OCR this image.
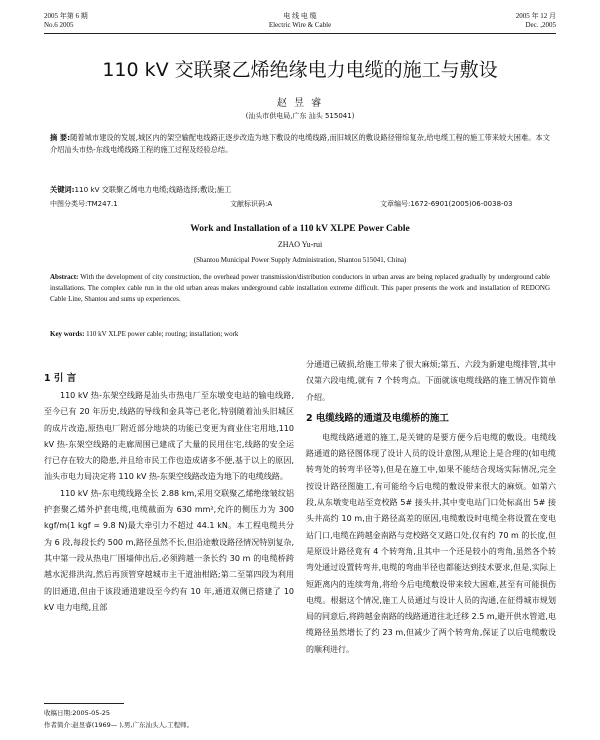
2005 年第 6 期
No.6 2005
电 线 电 缆
Electric Wire & Cable
2005 年 12 月
Dec. ,2005
110 kV 交联聚乙烯绝缘电力电缆的施工与敷设
赵 昱 睿
(汕头市供电局,广东 汕头 515041)
摘 要:随着城市建设的发展,城区内的架空输配电线路正逐步改造为地下敷设的电缆线路,而旧城区的敷设路径错综复杂,给电缆工程的施工带来较大困难。本文介绍汕头市热-东线电缆线路工程的施工过程及经验总结。
关键词:110 kV 交联聚乙烯电力电缆;线路选择;敷设;施工
中图分类号:TM247.1	文献标识码:A	文章编号:1672-6901(2005)06-0038-03
Work and Installation of a 110 kV XLPE Power Cable
ZHAO Yu-rui
(Shantou Municipal Power Supply Administration, Shantou 515041, China)
Abstract: With the development of city construction, the overhead power transmission/distribution conductors in urban areas are being replaced gradually by underground cable installations. The complex cable run in the old urban areas makes underground cable installation extreme difficult. This paper presents the work and installation of REDONG Cable Line, Shantou and sums up experiences.
Key words: 110 kV XLPE power cable; routing; installation; work
1 引 言

110 kV 热-东架空线路是汕头市热电厂至东墩变电站的输电线路,至今已有 20 年历史,线路的导线和金具等已老化,特别随着汕头旧城区的成片改造,原热电厂附近部分地块的功能已变更为商业住宅用地,110 kV 热-东架空线路的走廊周围已建成了大量的民用住宅,线路的安全运行已存在较大的隐患,并且给市民工作也造成诸多不便,基于以上的原因,汕头市电力局决定将 110 kV 热-东架空线路改造为地下的电缆线路。

110 kV 热-东电缆线路全长 2.88 km,采用交联聚乙烯绝缘皱纹铝护套聚乙烯外护套电缆,电缆截面为 630 mm²,允许的侧压力为 300 kgf/m(1 kgf = 9.8 N)最大牵引力不超过 44.1 kN。本工程电缆共分为 6 段,每段长约 500 m,路径虽然不长,但沿途敷设路径情况特别复杂,其中第一段从热电厂围墙伸出后,必须跨越一条长约 30 m 的电缆桥跨越水泥排洪沟,然后再顶管穿越城市主干道油柑路;第二至第四段为利用的旧通道,但由于该段通道建设至今约有 10 年,通道双侧已搭建了 10 kV 电力电缆,且部

分通道已破损,给施工带来了很大麻烦;第五、六段为新建电缆排管,其中仅第六段电缆,就有 7 个转弯点。下面就该电缆线路的施工情况作简单介绍。

2 电缆线路的通道及电缆桥的施工

电缆线路通道的施工,是关键的是要方便今后电缆的敷设。电缆线路通道的路径图体现了设计人员的设计意图,从理论上是合理的(如电缆转弯处的转弯半径等),但是在施工中,如果不能结合现场实际情况,完全按设计路径图施工,有可能给今后电缆的敷设带来很大的麻烦。如第六段,从东墩变电站至竞校路 5# 接头井,其中变电站门口处标高出 5# 接头井高约 10 m,由于路径高差的原因,电缆敷设时电缆全将设置在变电站门口,电缆在跨越金南路与竞校路交叉路口处,仅有约 70 m 的长度,但是原设计路径竟有 4 个转弯角,且其中一个还是较小的弯角,虽然各个转弯处通过设置转弯井,电缆的弯曲半径也都能达到技术要求,但是,实际上短距离内的连续弯角,将给今后电缆敷设带来较大困难,甚至有可能损伤电缆。根据这个情况,施工人员通过与设计人员的沟通,在征得城市规划局的同意后,将跨越金南路的线路通道往北迁移 2.5 m,避开供水管道,电缆路径虽然增长了约 23 m,但减少了两个转弯角,保证了以后电缆敷设的顺利进行。

收稿日期:2005-05-25
作者简介:赵昱睿(1969— ),男,广东汕头人,工程师。
